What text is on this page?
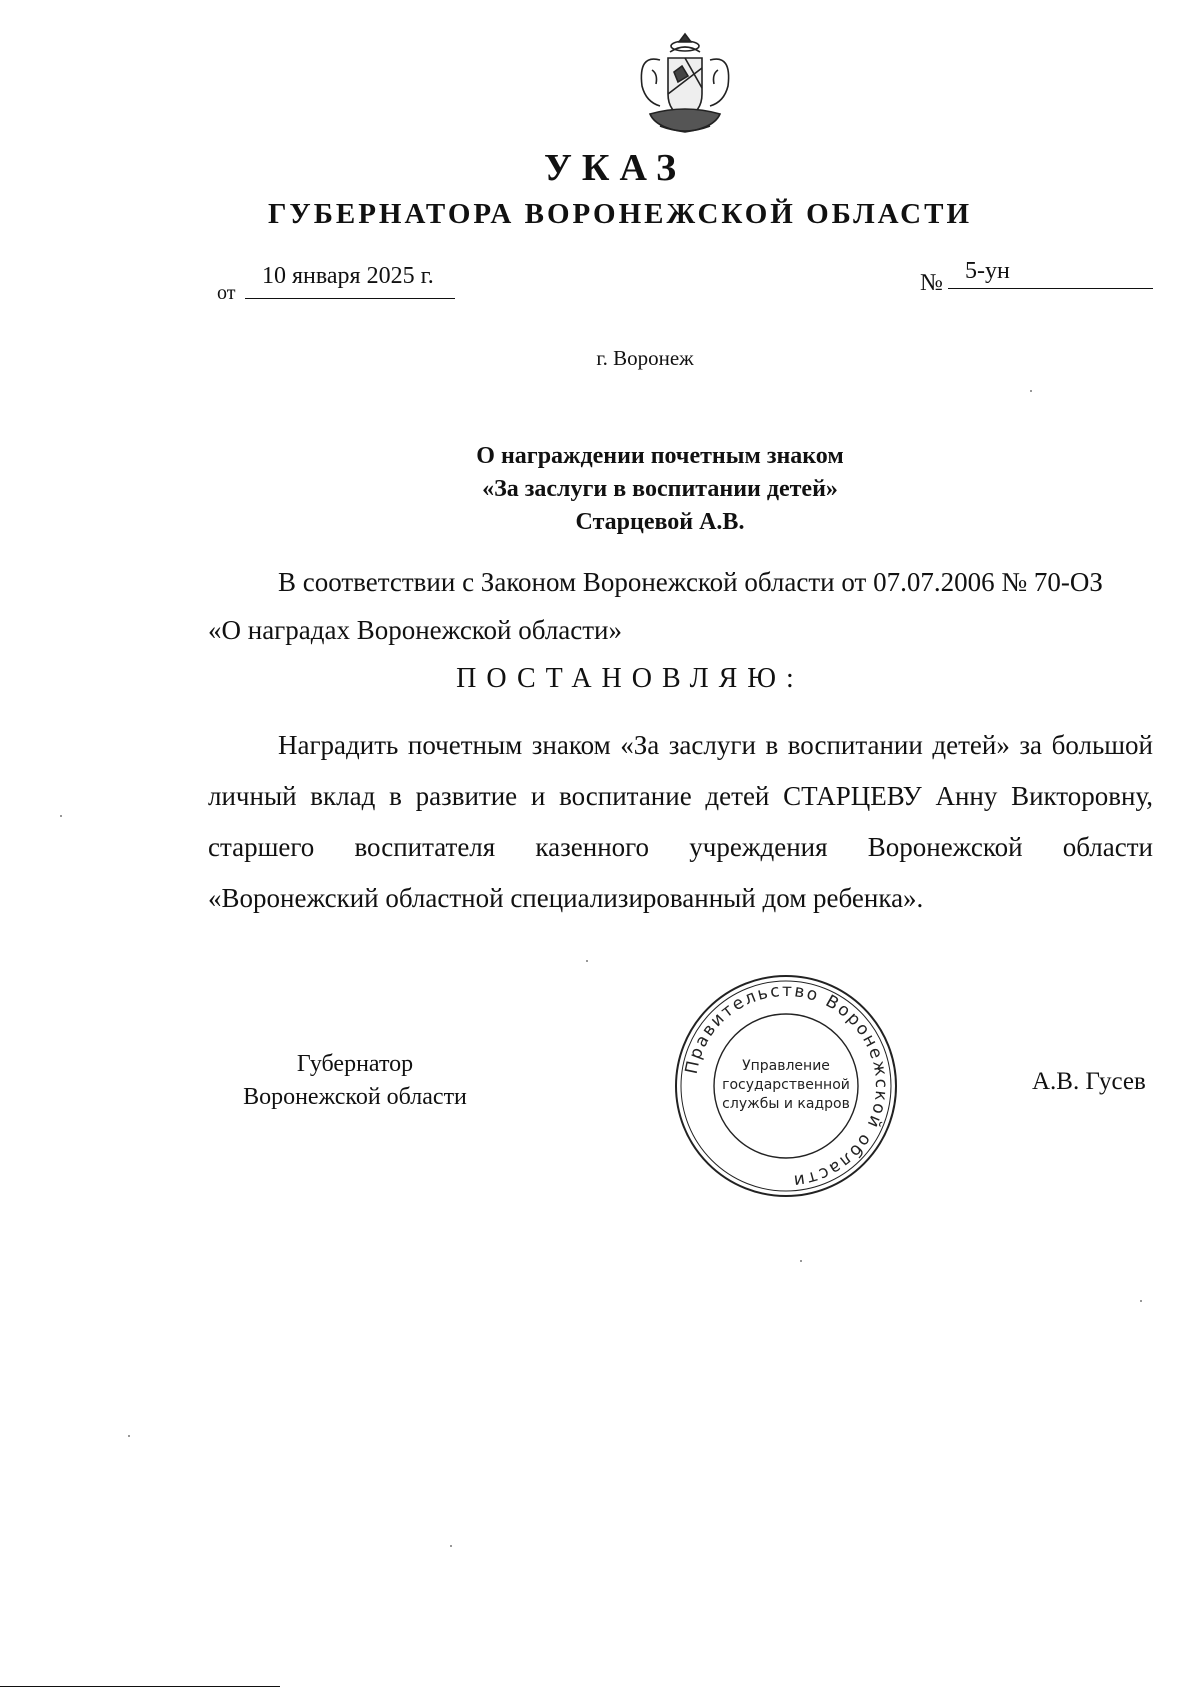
УКАЗ
ГУБЕРНАТОРА ВОРОНЕЖСКОЙ ОБЛАСТИ
от
10 января 2025 г.	№ 5-ун
г. Воронеж
О награждении почетным знаком
«За заслуги в воспитании детей»
Старцевой А.В.
В соответствии с Законом Воронежской области от 07.07.2006 № 70-ОЗ
«О наградах Воронежской области»
ПОСТАНОВЛЯЮ:
Наградить почетным знаком «За заслуги в воспитании детей» за большой личный вклад в развитие и воспитание детей СТАРЦЕВУ Анну Викторовну, старшего воспитателя казенного учреждения Воронежской области «Воронежский областной специализированный дом ребенка».
Губернатор
Воронежской области
Правительство Воронежской области
Управление
государственной
службы и кадров
А.В. Гусев
